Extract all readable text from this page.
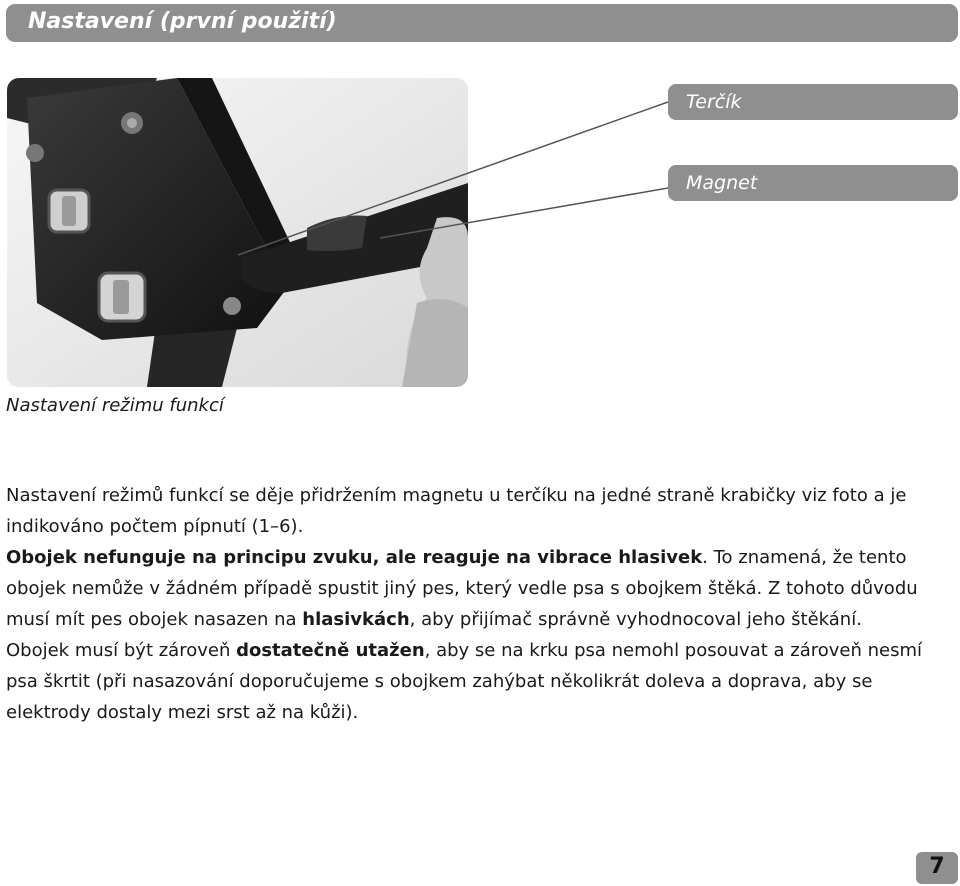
Nastavení (první použití)
Terčík
Magnet
Nastavení režimu funkcí

Nastavení režimů funkcí se děje přidržením magnetu u terčíku na jedné straně krabičky viz foto a je indikováno počtem pípnutí (1–6).

Obojek nefunguje na principu zvuku, ale reaguje na vibrace hlasivek. To znamená, že tento obojek nemůže v žádném případě spustit jiný pes, který vedle psa s obojkem štěká. Z tohoto důvodu musí mít pes obojek nasazen na hlasivkách, aby přijímač správně vyhodnocoval jeho štěkání.

Obojek musí být zároveň dostatečně utažen, aby se na krku psa nemohl posouvat a zároveň nesmí psa škrtit (při nasazování doporučujeme s obojkem zahýbat několikrát doleva a doprava, aby se elektrody dostaly mezi srst až na kůži).

7
